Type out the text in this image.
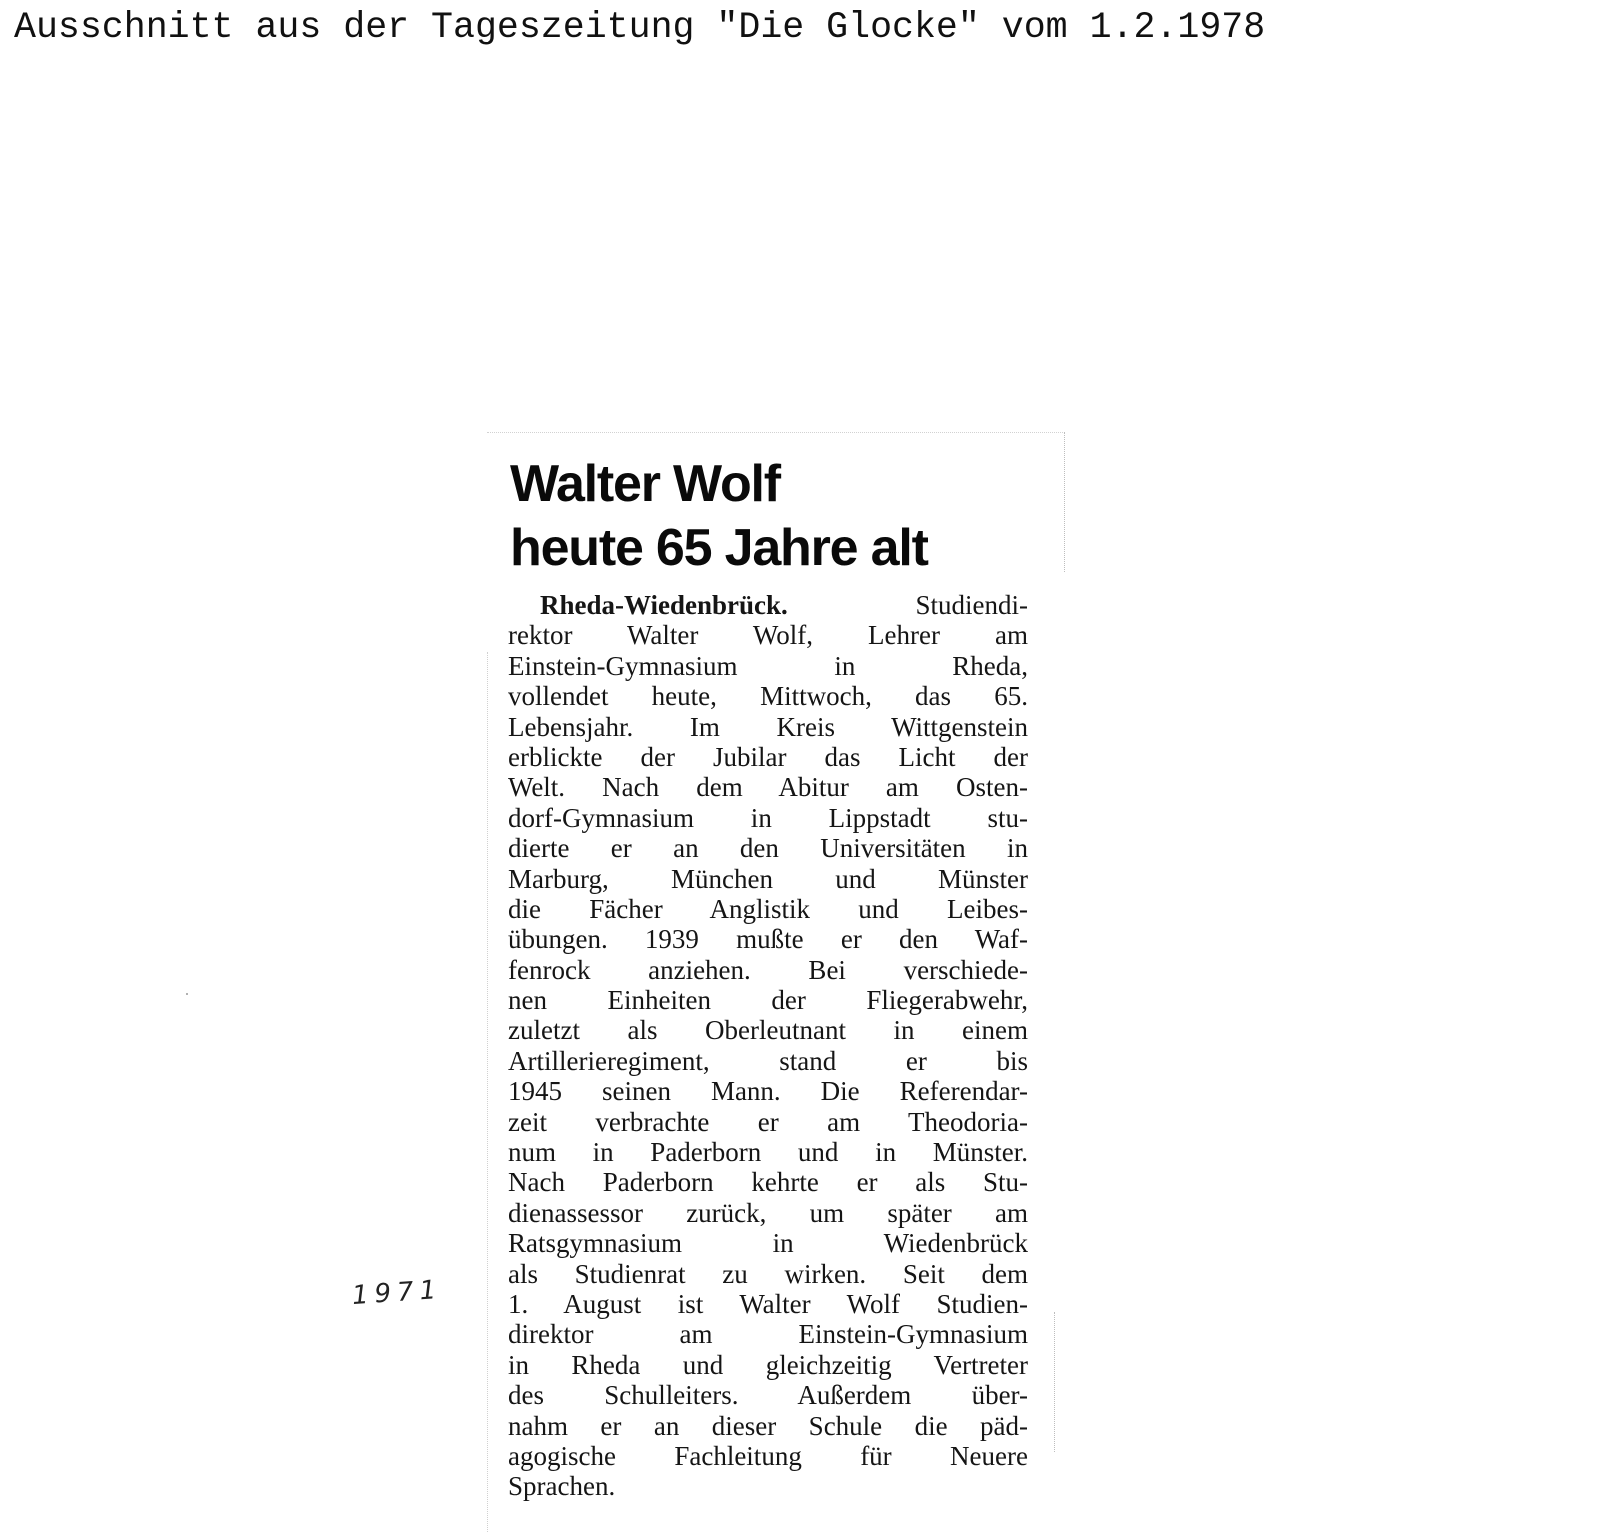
Ausschnitt aus der Tageszeitung "Die Glocke" vom 1.2.1978

Walter Wolf
heute 65 Jahre alt
Rheda-Wiedenbrück.	Studiendi-
rektor Walter Wolf, Lehrer am
Einstein-Gymnasium in Rheda,
vollendet heute, Mittwoch, das 65.
Lebensjahr. Im Kreis Wittgenstein
erblickte der Jubilar das Licht der
Welt. Nach dem Abitur am Osten-
dorf-Gymnasium in Lippstadt stu-
dierte er an den Universitäten in
Marburg, München und Münster
die Fächer Anglistik und Leibes-
übungen. 1939 mußte er den Waf-
fenrock anziehen. Bei verschiede-
nen Einheiten der Fliegerabwehr,
zuletzt als Oberleutnant in einem
Artillerieregiment, stand er bis
1945 seinen Mann. Die Referendar-
zeit verbrachte er am Theodoria-
num in Paderborn und in Münster.
Nach Paderborn kehrte er als Stu-
dienassessor zurück, um später am
Ratsgymnasium in Wiedenbrück
als Studienrat zu wirken. Seit dem
1. August ist Walter Wolf Studien-
direktor am Einstein-Gymnasium
in Rheda und gleichzeitig Vertreter
des Schulleiters. Außerdem über-
nahm er an dieser Schule die päd-
agogische Fachleitung für Neuere
Sprachen.
1971
